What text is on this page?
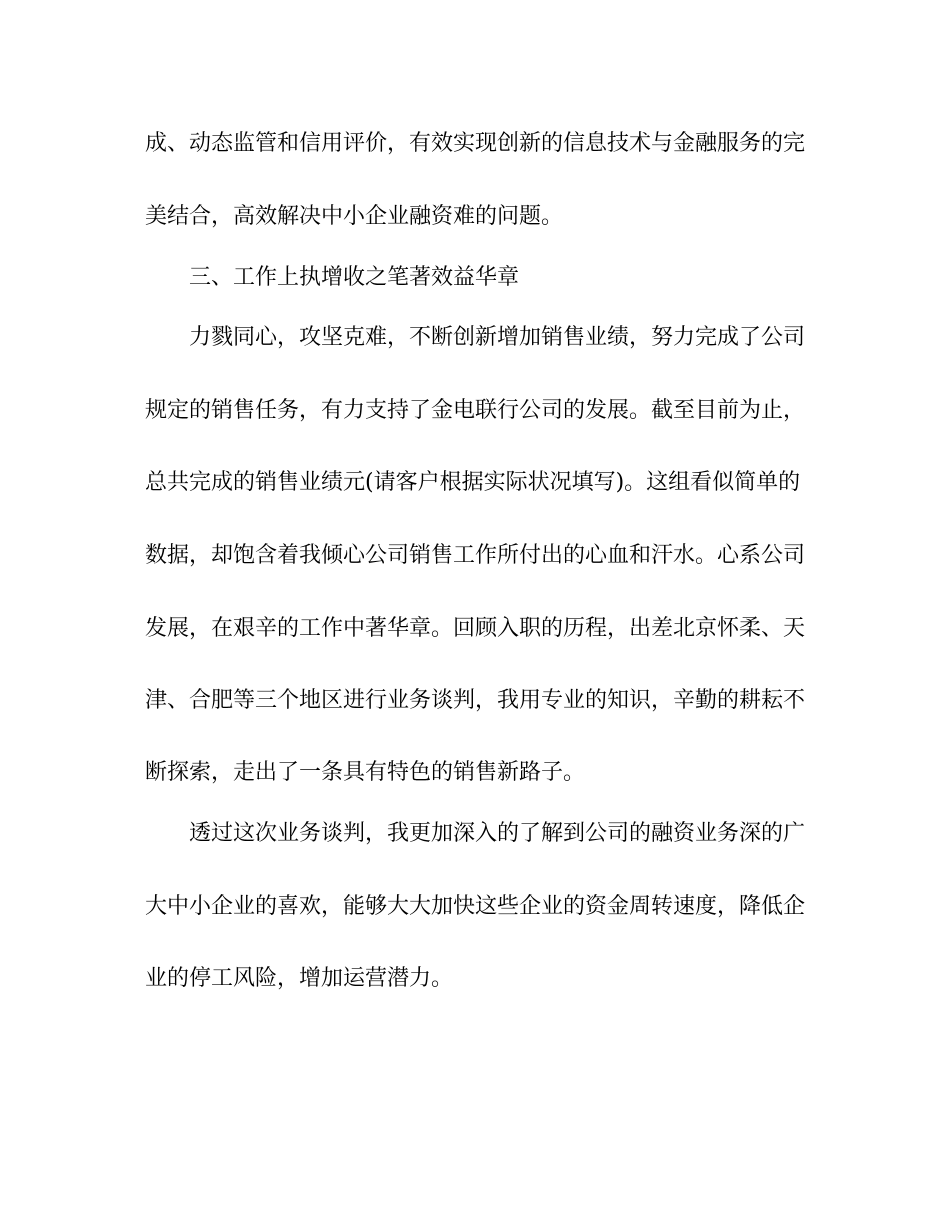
成、动态监管和信用评价，有效实现创新的信息技术与金融服务的完

美结合，高效解决中小企业融资难的问题。

三、工作上执增收之笔著效益华章

力戮同心，攻坚克难，不断创新增加销售业绩，努力完成了公司

规定的销售任务，有力支持了金电联行公司的发展。截至目前为止，

总共完成的销售业绩元(请客户根据实际状况填写)。这组看似简单的

数据，却饱含着我倾心公司销售工作所付出的心血和汗水。心系公司

发展，在艰辛的工作中著华章。回顾入职的历程，出差北京怀柔、天

津、合肥等三个地区进行业务谈判，我用专业的知识，辛勤的耕耘不

断探索，走出了一条具有特色的销售新路子。

透过这次业务谈判，我更加深入的了解到公司的融资业务深的广

大中小企业的喜欢，能够大大加快这些企业的资金周转速度，降低企

业的停工风险，增加运营潜力。
